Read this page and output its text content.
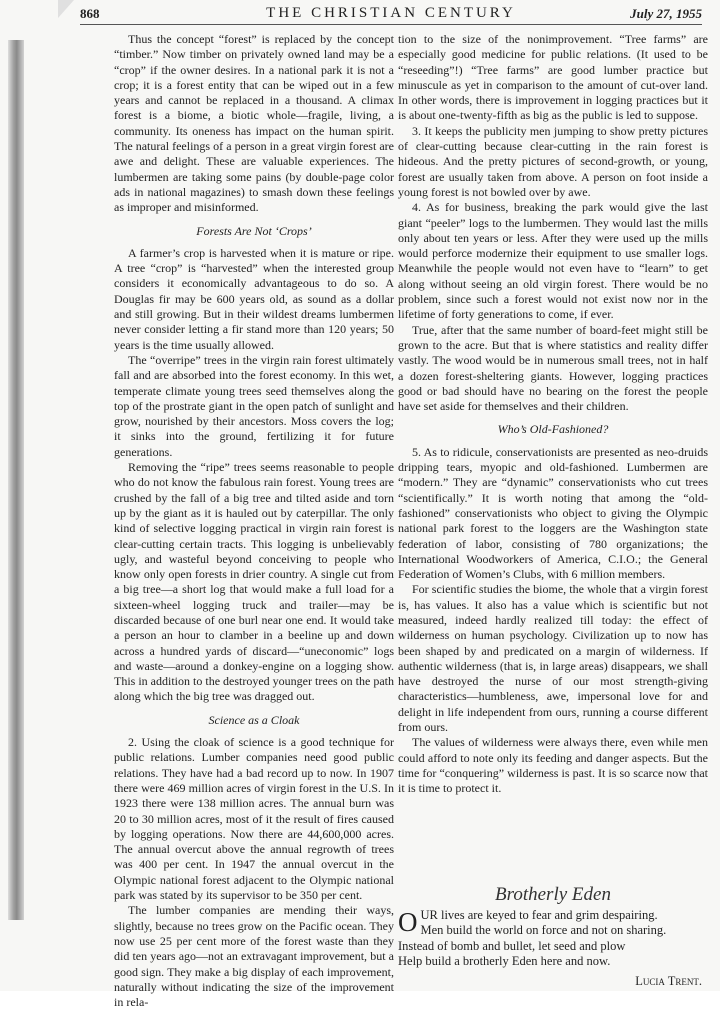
868	THE CHRISTIAN CENTURY	July 27, 1955

Thus the concept “forest” is replaced by the concept “timber.” Now timber on privately owned land may be a “crop” if the owner desires. In a national park it is not a crop; it is a forest entity that can be wiped out in a few years and cannot be replaced in a thousand. A climax forest is a biome, a biotic whole—fragile, living, a community. Its oneness has impact on the human spirit. The natural feelings of a person in a great virgin forest are awe and delight. These are valuable experiences. The lumbermen are taking some pains (by double-page color ads in national magazines) to smash down these feelings as improper and misinformed.

Forests Are Not ‘Crops’

A farmer’s crop is harvested when it is mature or ripe. A tree “crop” is “harvested” when the interested group considers it economically advantageous to do so. A Douglas fir may be 600 years old, as sound as a dollar and still growing. But in their wildest dreams lumbermen never consider letting a fir stand more than 120 years; 50 years is the time usually allowed.

The “overripe” trees in the virgin rain forest ultimately fall and are absorbed into the forest economy. In this wet, temperate climate young trees seed themselves along the top of the prostrate giant in the open patch of sunlight and grow, nourished by their ancestors. Moss covers the log; it sinks into the ground, fertilizing it for future generations.

Removing the “ripe” trees seems reasonable to people who do not know the fabulous rain forest. Young trees are crushed by the fall of a big tree and tilted aside and torn up by the giant as it is hauled out by caterpillar. The only kind of selective logging practical in virgin rain forest is clear-cutting certain tracts. This logging is unbelievably ugly, and wasteful beyond conceiving to people who know only open forests in drier country. A single cut from a big tree—a short log that would make a full load for a sixteen-wheel logging truck and trailer—may be discarded because of one burl near one end. It would take a person an hour to clamber in a beeline up and down across a hundred yards of discard—“uneconomic” logs and waste—around a donkey-engine on a logging show. This in addition to the destroyed younger trees on the path along which the big tree was dragged out.

Science as a Cloak

2. Using the cloak of science is a good technique for public relations. Lumber companies need good public relations. They have had a bad record up to now. In 1907 there were 469 million acres of virgin forest in the U.S. In 1923 there were 138 million acres. The annual burn was 20 to 30 million acres, most of it the result of fires caused by logging operations. Now there are 44,600,000 acres. The annual overcut above the annual regrowth of trees was 400 per cent. In 1947 the annual overcut in the Olympic national forest adjacent to the Olympic national park was stated by its supervisor to be 350 per cent.

The lumber companies are mending their ways, slightly, because no trees grow on the Pacific ocean. They now use 25 per cent more of the forest waste than they did ten years ago—not an extravagant improvement, but a good sign. They make a big display of each improvement, naturally without indicating the size of the improvement in rela-

tion to the size of the nonimprovement. “Tree farms” are especially good medicine for public relations. (It used to be “reseeding”!) “Tree farms” are good lumber practice but minuscule as yet in comparison to the amount of cut-over land. In other words, there is improvement in logging practices but it is about one-twenty-fifth as big as the public is led to suppose.

3. It keeps the publicity men jumping to show pretty pictures of clear-cutting because clear-cutting in the rain forest is hideous. And the pretty pictures of second-growth, or young, forest are usually taken from above. A person on foot inside a young forest is not bowled over by awe.

4. As for business, breaking the park would give the last giant “peeler” logs to the lumbermen. They would last the mills only about ten years or less. After they were used up the mills would perforce modernize their equipment to use smaller logs. Meanwhile the people would not even have to “learn” to get along without seeing an old virgin forest. There would be no problem, since such a forest would not exist now nor in the lifetime of forty generations to come, if ever.

True, after that the same number of board-feet might still be grown to the acre. But that is where statistics and reality differ vastly. The wood would be in numerous small trees, not in half a dozen forest-sheltering giants. However, logging practices good or bad should have no bearing on the forest the people have set aside for themselves and their children.

Who’s Old-Fashioned?

5. As to ridicule, conservationists are presented as neo-druids dripping tears, myopic and old-fashioned. Lumbermen are “modern.” They are “dynamic” conservationists who cut trees “scientifically.” It is worth noting that among the “old-fashioned” conservationists who object to giving the Olympic national park forest to the loggers are the Washington state federation of labor, consisting of 780 organizations; the International Woodworkers of America, C.I.O.; the General Federation of Women’s Clubs, with 6 million members.

For scientific studies the biome, the whole that a virgin forest is, has values. It also has a value which is scientific but not measured, indeed hardly realized till today: the effect of wilderness on human psychology. Civilization up to now has been shaped by and predicated on a margin of wilderness. If authentic wilderness (that is, in large areas) disappears, we shall have destroyed the nurse of our most strength-giving characteristics—humbleness, awe, impersonal love for and delight in life independent from ours, running a course different from ours.

The values of wilderness were always there, even while men could afford to note only its feeding and danger aspects. But the time for “conquering” wilderness is past. It is so scarce now that it is time to protect it.

Brotherly Eden
O UR lives are keyed to fear and grim despairing.
Men build the world on force and not on sharing.
Instead of bomb and bullet, let seed and plow
Help build a brotherly Eden here and now.
Lucia Trent.
